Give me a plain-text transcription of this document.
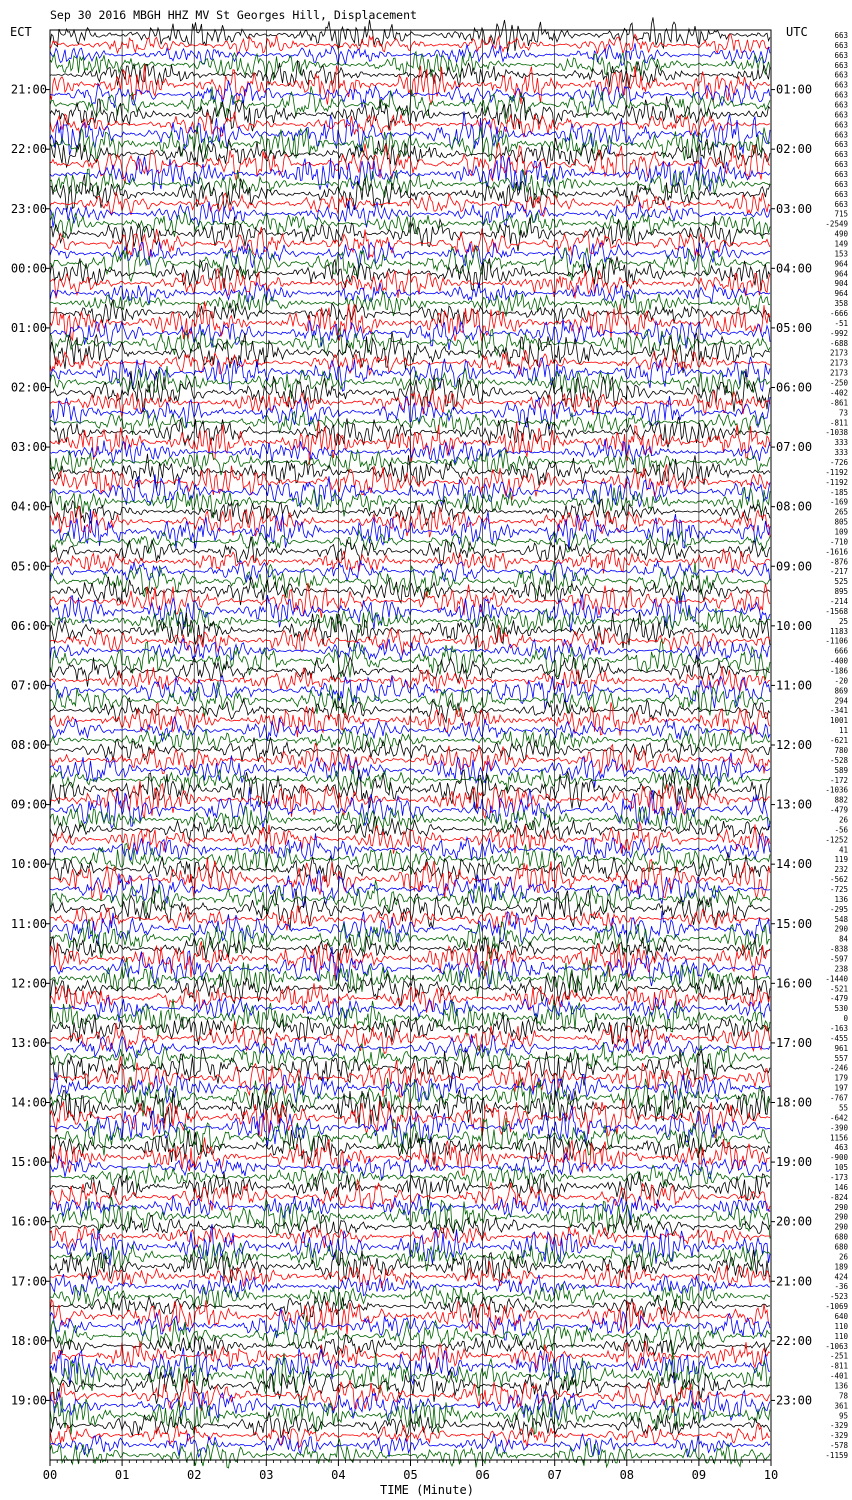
Sep 30 2016 MBGH HHZ MV St Georges Hill, Displacement
ECT	UTC
00	01	02	03	04	05	06	07	08	09	10
21:00
22:00
23:00
00:00
01:00
02:00
03:00
04:00
05:00
06:00
07:00
08:00
09:00
10:00
11:00
12:00
13:00
14:00
15:00
16:00
17:00
18:00
19:00
01:00
02:00
03:00
04:00
05:00
06:00
07:00
08:00
09:00
10:00
11:00
12:00
13:00
14:00
15:00
16:00
17:00
18:00
19:00
20:00
21:00
22:00
23:00
663
663
663
663
663
663
663
663
663
663
663
663
663
663
663
663
663
663
715
-2549
490
149
153
964
964
904
964
358
-666
-51
-992
-688
2173
2173
2173
-250
-402
-861
73
-811
-1038
333
333
-726
-1192
-1192
-185
-169
265
805
109
-710
-1616
-876
-217
525
895
-214
-1568
25
1183
-1106
666
-400
-186
-20
869
294
-341
1001
11
-621
780
-528
589
-172
-1036
882
-479
26
-56
-1252
41
119
232
-562
-725
136
-295
548
290
84
-838
-597
238
-1440
-521
-479
530
0
-163
-455
961
557
-246
179
197
-767
55
-642
-390
1156
463
-900
105
-173
146
-824
290
290
290
680
680
26
189
424
-36
-523
-1069
640
110
110
-1063
-251
-811
-401
136
78
361
95
-329
-329
-578
-1159
TIME (Minute)
